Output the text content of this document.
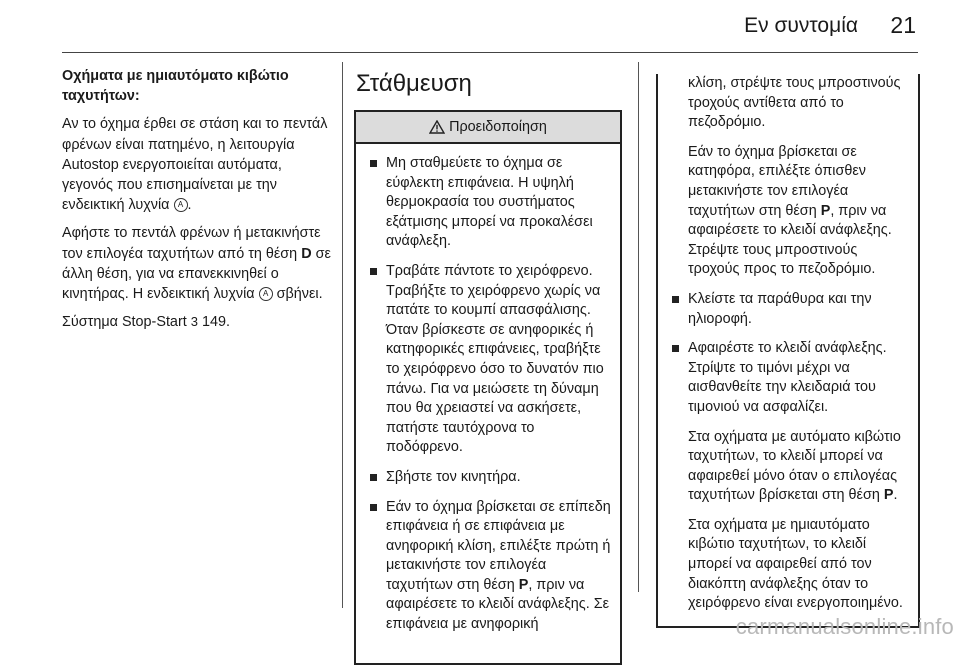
Εν συντομία 21

Οχήματα με ημιαυτόματο κιβώτιο ταχυτήτων:

Αν το όχημα έρθει σε στάση και το πεντάλ φρένων είναι πατημένο, η λειτουργία Autostop ενεργοποιείται αυτόματα, γεγονός που επισημαίνεται με την ενδεικτική λυχνία A .

Αφήστε το πεντάλ φρένων ή μετακινήστε τον επιλογέα ταχυτήτων από τη θέση D σε άλλη θέση, για να επανεκκινηθεί ο κινητήρας. Η ενδεικτική λυχνία A σβήνει.

Σύστημα Stop-Start 3 149.

Στάθμευση
Προειδοποίηση
Μη σταθμεύετε το όχημα σε εύφλεκτη επιφάνεια. Η υψηλή θερμοκρασία του συστήματος εξάτμισης μπορεί να προκαλέσει ανάφλεξη.
Τραβάτε πάντοτε το χειρόφρενο. Τραβήξτε το χειρόφρενο χωρίς να πατάτε το κουμπί απασφάλισης. Όταν βρίσκεστε σε ανηφορικές ή κατηφορικές επιφάνειες, τραβήξτε το χειρόφρενο όσο το δυνατόν πιο πάνω. Για να μειώσετε τη δύναμη που θα χρειαστεί να ασκήσετε, πατήστε ταυτόχρονα το ποδόφρενο.
Σβήστε τον κινητήρα.
Εάν το όχημα βρίσκεται σε επίπεδη επιφάνεια ή σε επιφάνεια με ανηφορική κλίση, επιλέξτε πρώτη ή μετακινήστε τον επιλογέα ταχυτήτων στη θέση P, πριν να αφαιρέσετε το κλειδί ανάφλεξης. Σε επιφάνεια με ανηφορική
κλίση, στρέψτε τους μπροστινούς τροχούς αντίθετα από το πεζοδρόμιο.
Εάν το όχημα βρίσκεται σε κατηφόρα, επιλέξτε όπισθεν μετακινήστε τον επιλογέα ταχυτήτων στη θέση P, πριν να αφαιρέσετε το κλειδί ανάφλεξης. Στρέψτε τους μπροστινούς τροχούς προς το πεζοδρόμιο.
Κλείστε τα παράθυρα και την ηλιοροφή.
Αφαιρέστε το κλειδί ανάφλεξης. Στρίψτε το τιμόνι μέχρι να αισθανθείτε την κλειδαριά του τιμονιού να ασφαλίζει.
Στα οχήματα με αυτόματο κιβώτιο ταχυτήτων, το κλειδί μπορεί να αφαιρεθεί μόνο όταν ο επιλογέας ταχυτήτων βρίσκεται στη θέση P.
Στα οχήματα με ημιαυτόματο κιβώτιο ταχυτήτων, το κλειδί μπορεί να αφαιρεθεί από τον διακόπτη ανάφλεξης όταν το χειρόφρενο είναι ενεργοποιημένο.
carmanualsonline.info
